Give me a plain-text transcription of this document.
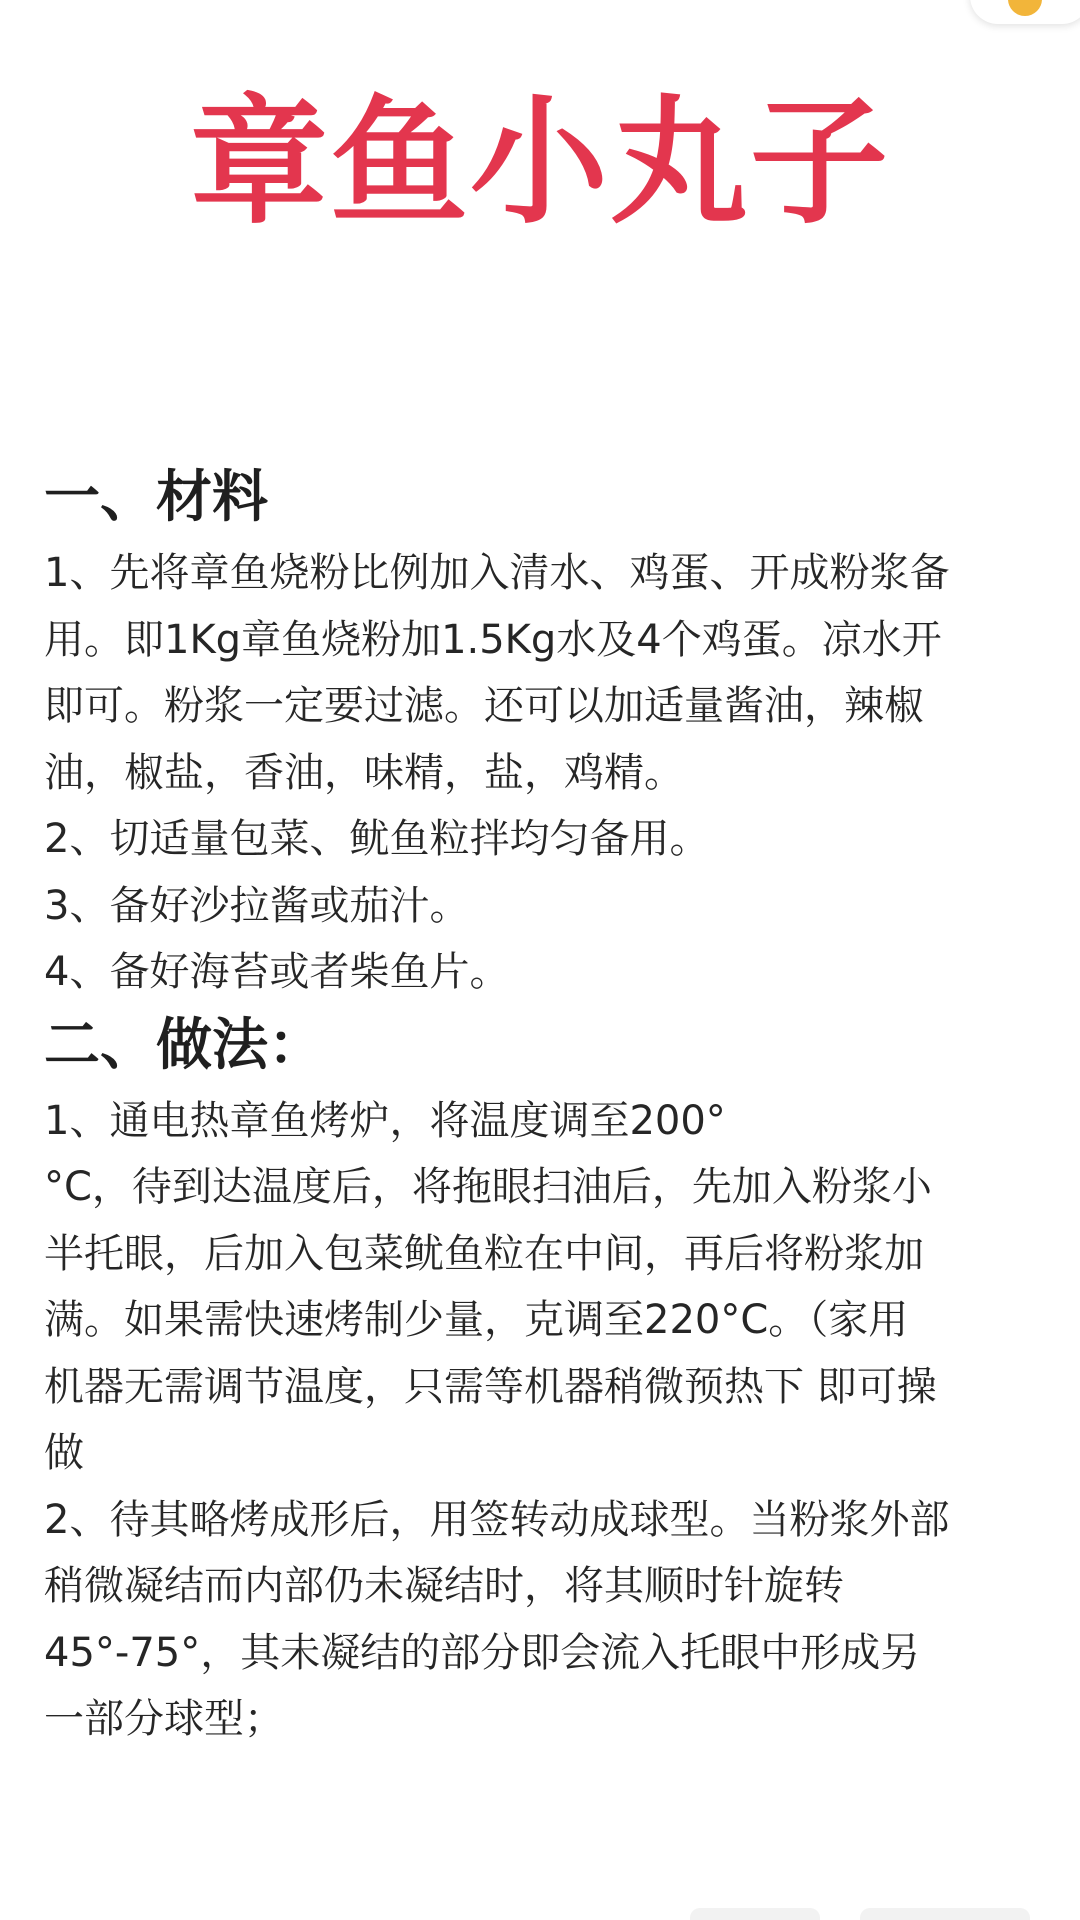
章鱼小丸子
一、材料
1、先将章鱼烧粉比例加入清水、鸡蛋、开成粉浆备
用。即1Kg章鱼烧粉加1.5Kg水及4个鸡蛋。凉水开
即可。粉浆一定要过滤。还可以加适量酱油，辣椒
油，椒盐，香油，味精，盐，鸡精。
2、切适量包菜、鱿鱼粒拌均匀备用。
3、备好沙拉酱或茄汁。
4、备好海苔或者柴鱼片。
二、做法：
1、通电热章鱼烤炉，将温度调至200°
°C，待到达温度后，将拖眼扫油后，先加入粉浆小
半托眼，后加入包菜鱿鱼粒在中间，再后将粉浆加
满。如果需快速烤制少量，克调至220°C。（家用
机器无需调节温度，只需等机器稍微预热下 即可操
做
2、待其略烤成形后，用签转动成球型。当粉浆外部
稍微凝结而内部仍未凝结时，将其顺时针旋转
45°-75°，其未凝结的部分即会流入托眼中形成另
一部分球型；
